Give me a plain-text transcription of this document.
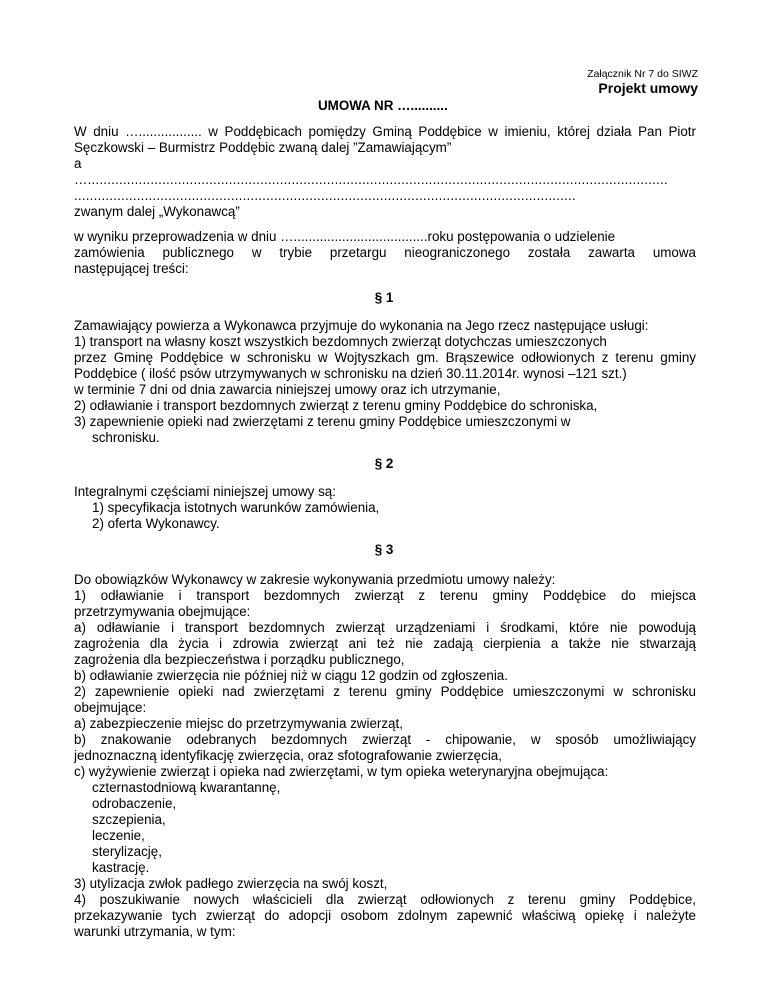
Załącznik Nr 7 do SIWZ
Projekt umowy
UMOWA NR …..........
W dniu …................. w Poddębicach pomiędzy Gminą Poddębice w imieniu, której działa Pan Piotr
Sęczkowski – Burmistrz Poddębic zwaną dalej ”Zamawiającym”
a
…....................................................................................................................................................
................................................................................................................................
zwanym dalej „Wykonawcą”
w wyniku przeprowadzenia w dniu …....................................roku postępowania o udzielenie
zamówienia publicznego w trybie przetargu nieograniczonego została zawarta umowa
następującej treści:
§ 1
Zamawiający powierza a Wykonawca przyjmuje do wykonania na Jego rzecz następujące usługi:
1) transport na własny koszt wszystkich bezdomnych zwierząt dotychczas umieszczonych
przez Gminę Poddębice w schronisku w Wojtyszkach gm. Brąszewice odłowionych z terenu gminy
Poddębice ( ilość psów utrzymywanych w schronisku na dzień 30.11.2014r. wynosi –121 szt.)
w terminie 7 dni od dnia zawarcia niniejszej umowy oraz ich utrzymanie,
2) odławianie i transport bezdomnych zwierząt z terenu gminy Poddębice do schroniska,
3) zapewnienie opieki nad zwierzętami z terenu gminy Poddębice umieszczonymi w
schronisku.
§ 2
Integralnymi częściami niniejszej umowy są:
1) specyfikacja istotnych warunków zamówienia,
2) oferta Wykonawcy.
§ 3
Do obowiązków Wykonawcy w zakresie wykonywania przedmiotu umowy należy:
1) odławianie i transport bezdomnych zwierząt z terenu gminy Poddębice do miejsca
przetrzymywania obejmujące:
a) odławianie i transport bezdomnych zwierząt urządzeniami i środkami, które nie powodują
zagrożenia dla życia i zdrowia zwierząt ani też nie zadają cierpienia a także nie stwarzają
zagrożenia dla bezpieczeństwa i porządku publicznego,
b) odławianie zwierzęcia nie później niż w ciągu 12 godzin od zgłoszenia.
2) zapewnienie opieki nad zwierzętami z terenu gminy Poddębice umieszczonymi w schronisku
obejmujące:
a) zabezpieczenie miejsc do przetrzymywania zwierząt,
b) znakowanie odebranych bezdomnych zwierząt - chipowanie, w sposób umożliwiający
jednoznaczną identyfikację zwierzęcia, oraz sfotografowanie zwierzęcia,
c) wyżywienie zwierząt i opieka nad zwierzętami, w tym opieka weterynaryjna obejmująca:
czternastodniową kwarantannę,
odrobaczenie,
szczepienia,
leczenie,
sterylizację,
kastrację.
3) utylizacja zwłok padłego zwierzęcia na swój koszt,
4) poszukiwanie nowych właścicieli dla zwierząt odłowionych z terenu gminy Poddębice,
przekazywanie tych zwierząt do adopcji osobom zdolnym zapewnić właściwą opiekę i należyte
warunki utrzymania, w tym:
